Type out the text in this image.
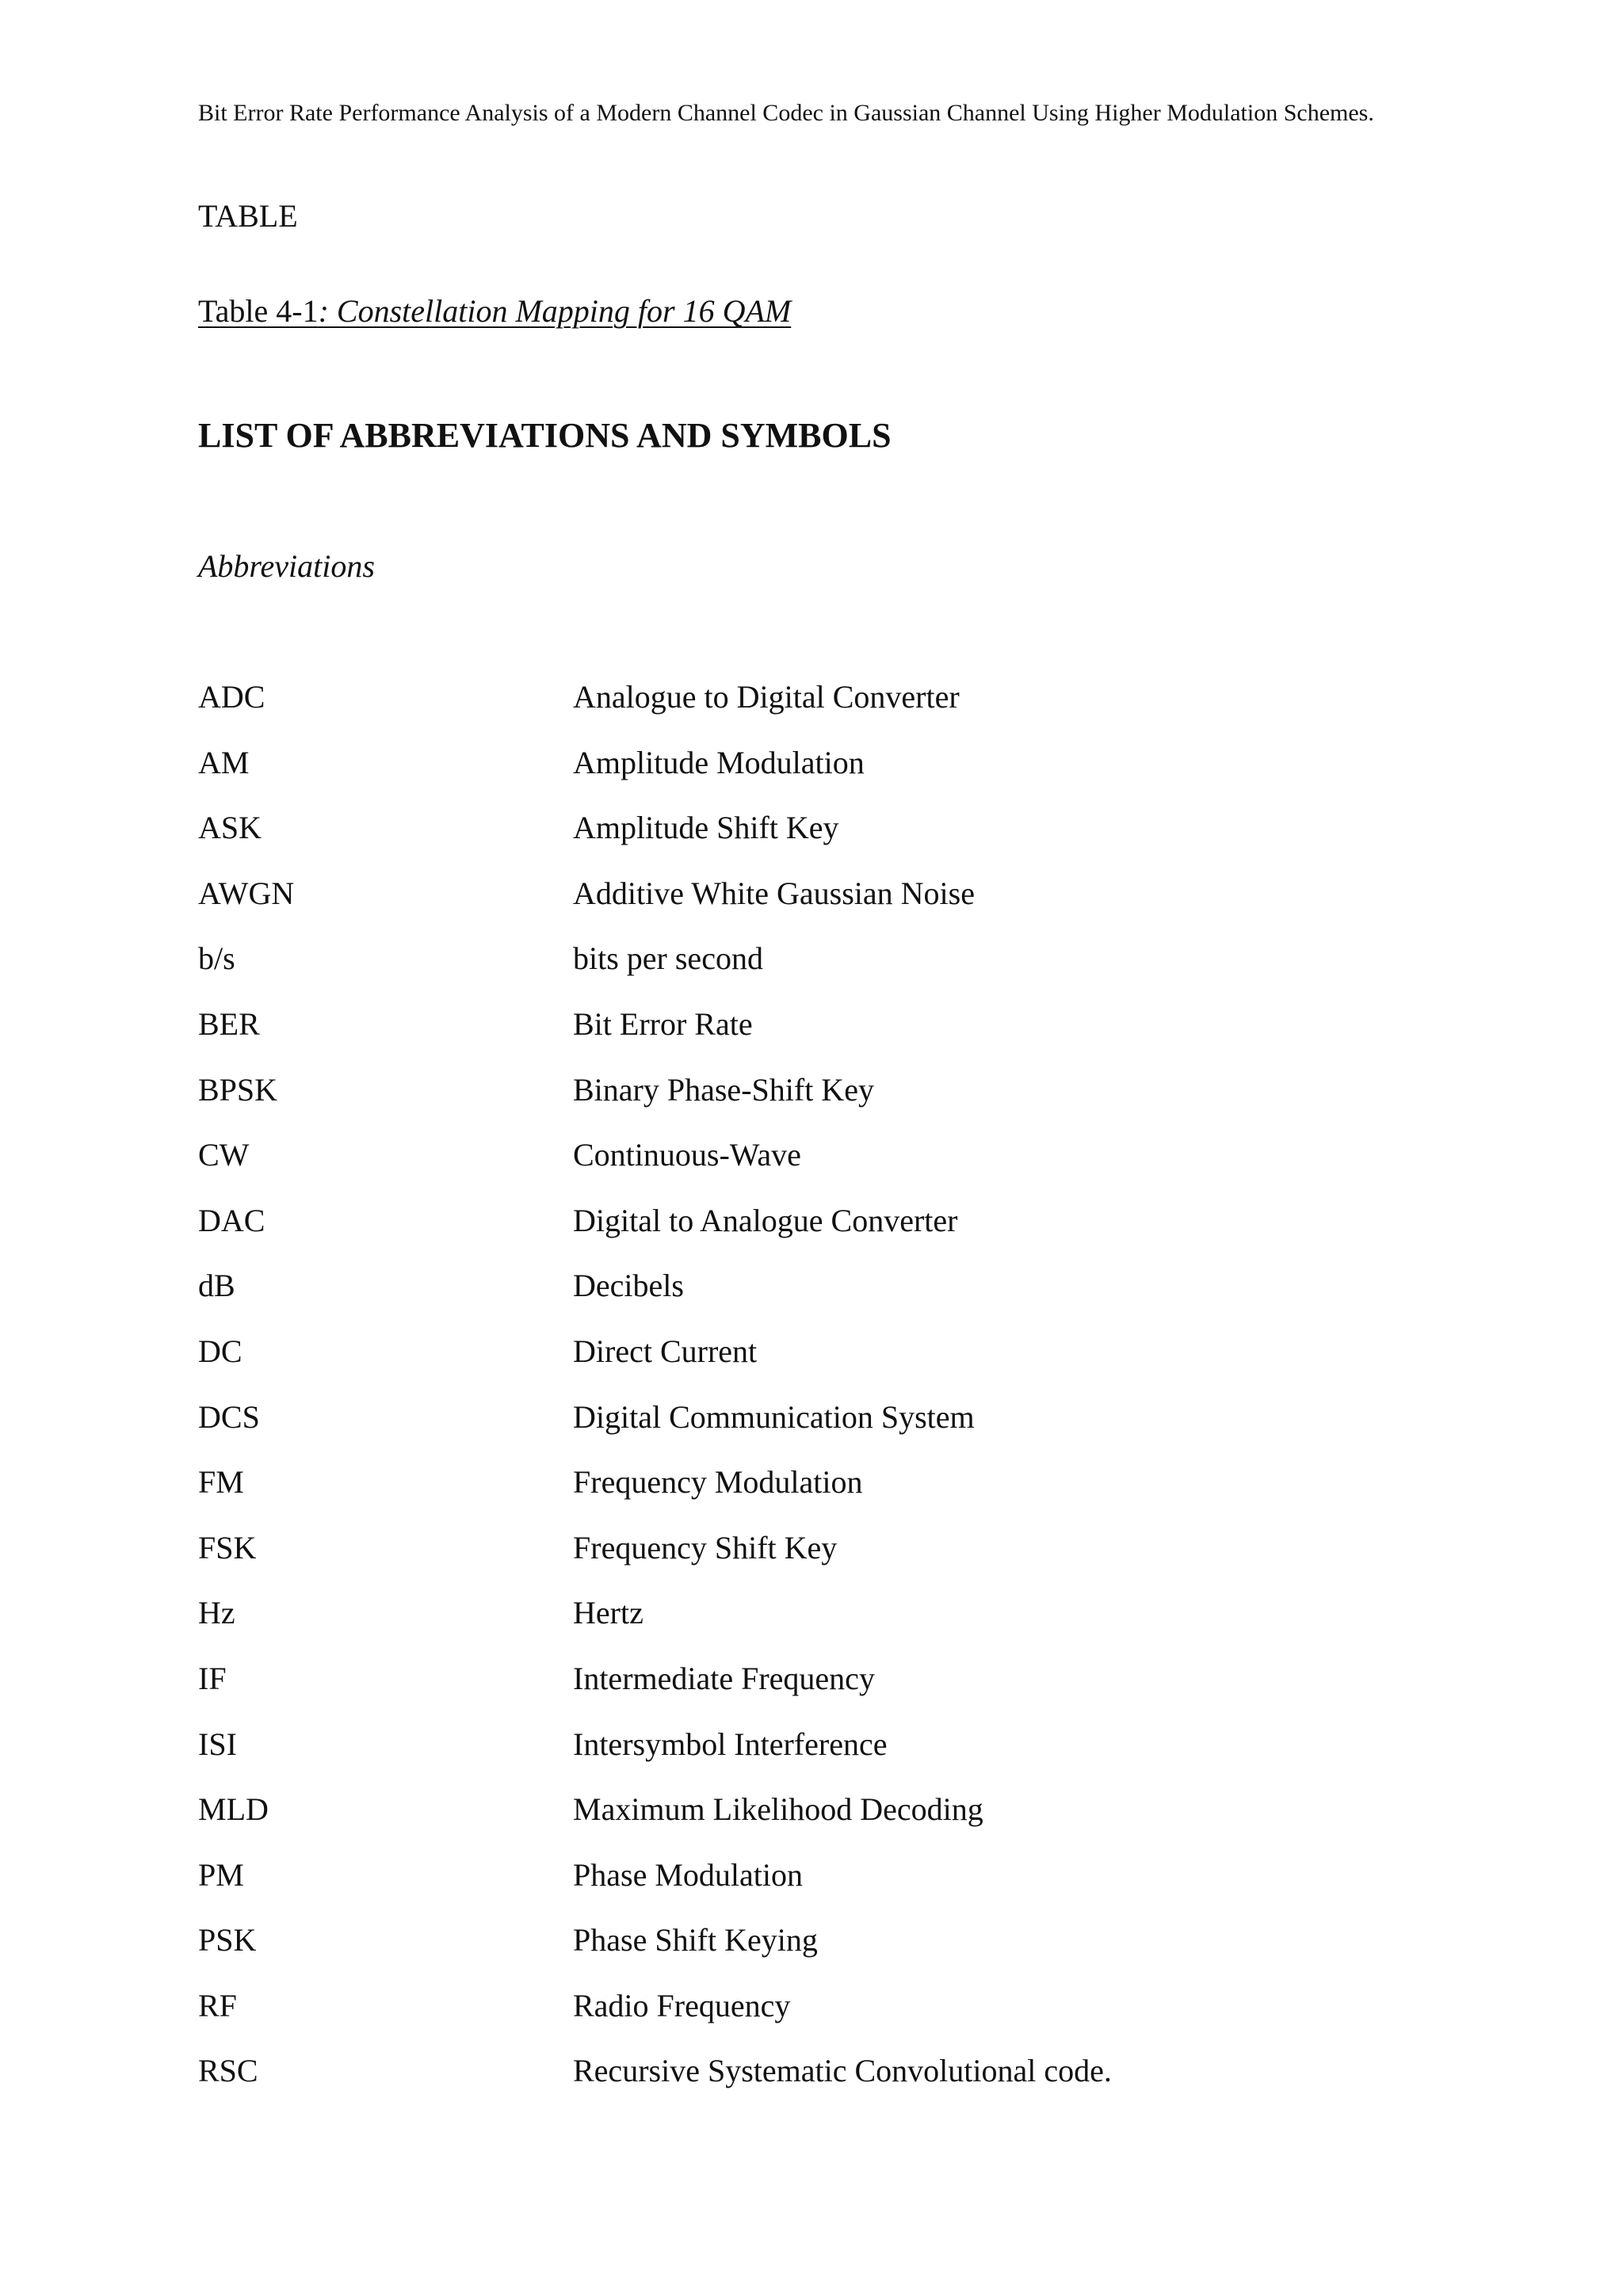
Bit Error Rate Performance Analysis of a Modern Channel Codec in Gaussian Channel Using Higher Modulation Schemes.
TABLE
Table 4-1: Constellation Mapping for 16 QAM
LIST OF ABBREVIATIONS AND SYMBOLS
Abbreviations
ADC	Analogue to Digital Converter
AM	Amplitude Modulation
ASK	Amplitude Shift Key
AWGN	Additive White Gaussian Noise
b/s	bits per second
BER	Bit Error Rate
BPSK	Binary Phase-Shift Key
CW	Continuous-Wave
DAC	Digital to Analogue Converter
dB	Decibels
DC	Direct Current
DCS	Digital Communication System
FM	Frequency Modulation
FSK	Frequency Shift Key
Hz	Hertz
IF	Intermediate Frequency
ISI	Intersymbol Interference
MLD	Maximum Likelihood Decoding
PM	Phase Modulation
PSK	Phase Shift Keying
RF	Radio Frequency
RSC	Recursive Systematic Convolutional code.
